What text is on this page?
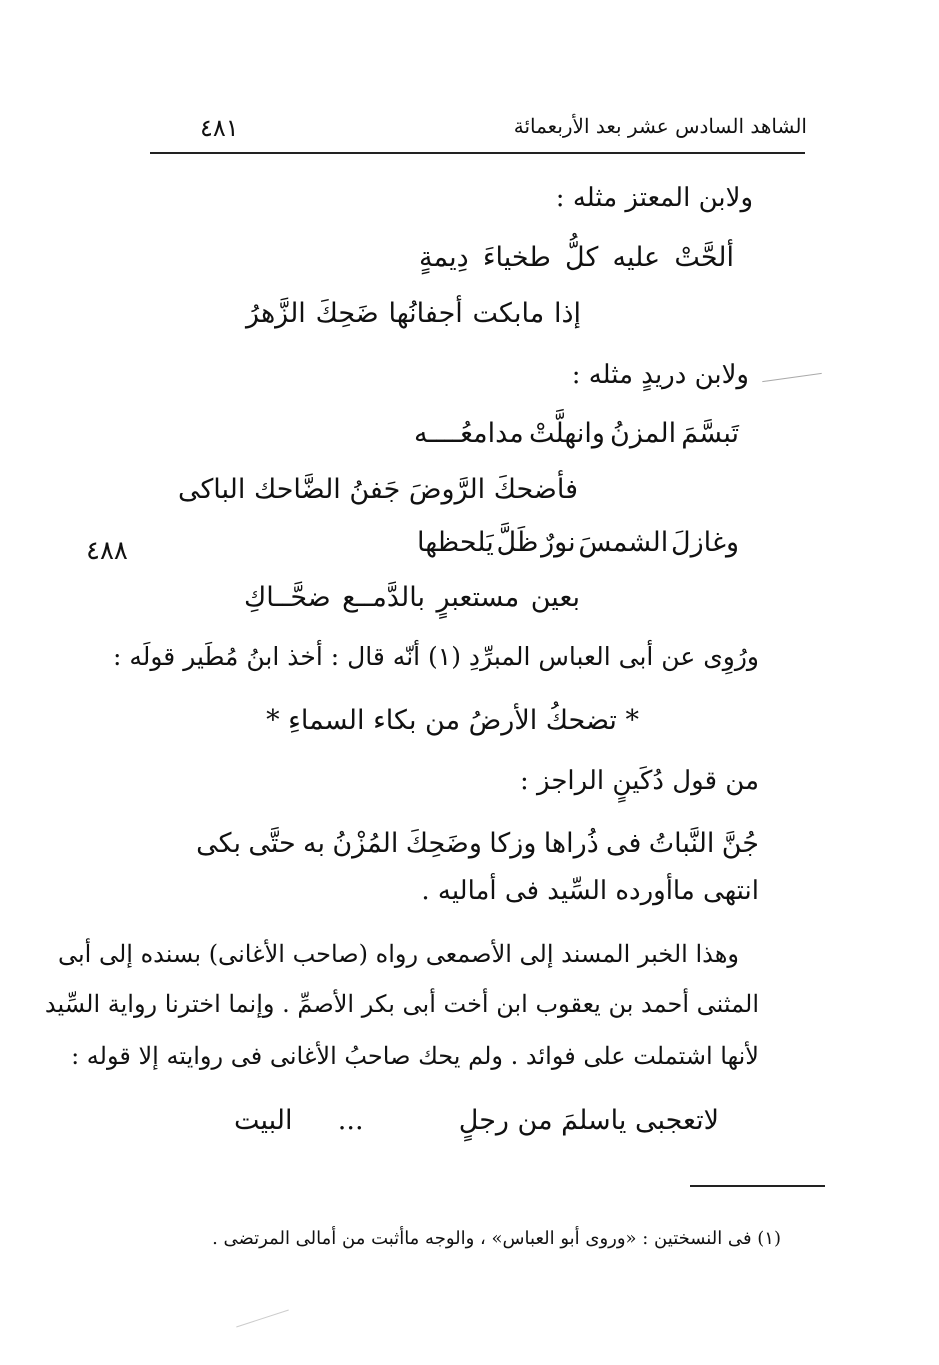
الشاهد السادس عشر بعد الأربعمائة
٤٨١
٤٨٨
ولابن المعتز مثله :
ألحَّتْ
عليه
كلُّ
طخياءَ
دِيمةٍ
إذا
مابكت
أجفانُها
ضَحِكَ
الزَّهرُ
ولابن دريدٍ مثله :
تَبسَّمَ
المزنُ
وانهلَّتْ
مدامعُــــه
فأضحكَ الرَّوضَ جَفنُ الضَّاحك الباكى
وغازلَ
الشمسَ
نورٌ
ظَلَّ
يَلحظها
بعين
مستعبرٍ
بالدَّمــع
ضحَّــاكِ
ورُوِى عن أبى العباس المبرِّدِ (١) أنّه قال : أخذ ابنُ مُطَير قولَه :
* تضحكُ الأرضُ من بكاء السماءِ *
من قول دُكَينٍ الراجز :
جُنَّ
النَّباتُ
فى
ذُراها
وزكا
وضَحِكَ
المُزْنُ
به
حتَّى
بكى
انتهى ماأورده السِّيد فى أماليه .
وهذا الخبر المسند إلى الأصمعى رواه (صاحب الأغانى) بسنده إلى أبى
المثنى أحمد بن يعقوب ابن أخت أبى بكر الأصمِّ . وإنما اخترنا رواية السِّيد
لأنها اشتملت على فوائد . ولم يحك صاحبُ الأغانى فى روايته إلا قوله :
لاتعجبى ياسلمَ من رجلٍ
...
البيت
(١) فى النسختين : «وروى أبو العباس» ، والوجه ماأثبت من أمالى المرتضى .
